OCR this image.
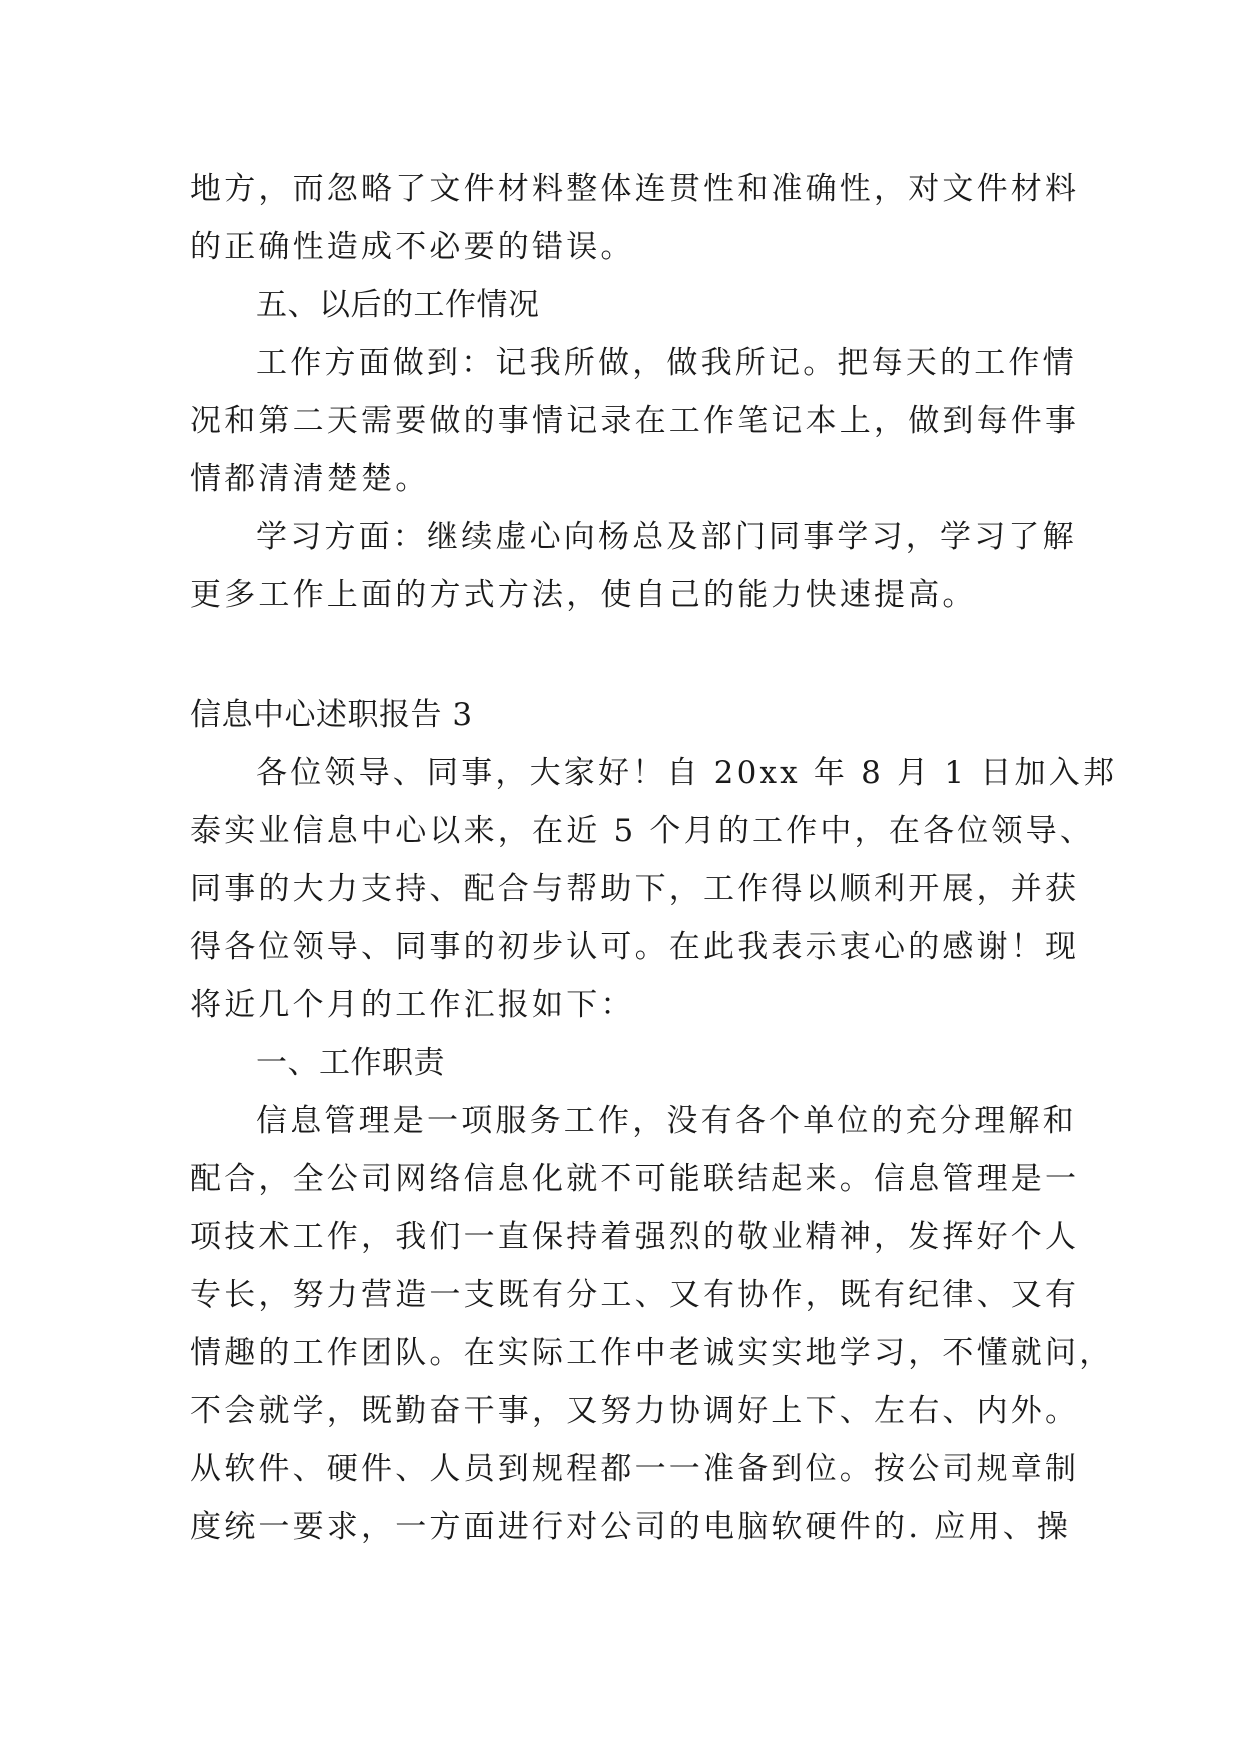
地方，而忽略了文件材料整体连贯性和准确性，对文件材料
的正确性造成不必要的错误。
五、以后的工作情况
工作方面做到：记我所做，做我所记。把每天的工作情
况和第二天需要做的事情记录在工作笔记本上，做到每件事
情都清清楚楚。
学习方面：继续虚心向杨总及部门同事学习，学习了解
更多工作上面的方式方法，使自己的能力快速提高。
信息中心述职报告 3
各位领导、同事，大家好！自 20xx 年 8 月 1 日加入邦
泰实业信息中心以来，在近 5 个月的工作中，在各位领导、
同事的大力支持、配合与帮助下，工作得以顺利开展，并获
得各位领导、同事的初步认可。在此我表示衷心的感谢！现
将近几个月的工作汇报如下：
一、工作职责
信息管理是一项服务工作，没有各个单位的充分理解和
配合，全公司网络信息化就不可能联结起来。信息管理是一
项技术工作，我们一直保持着强烈的敬业精神，发挥好个人
专长，努力营造一支既有分工、又有协作，既有纪律、又有
情趣的工作团队。在实际工作中老诚实实地学习，不懂就问，
不会就学，既勤奋干事，又努力协调好上下、左右、内外。
从软件、硬件、人员到规程都一一准备到位。按公司规章制
度统一要求，一方面进行对公司的电脑软硬件的. 应用、操
